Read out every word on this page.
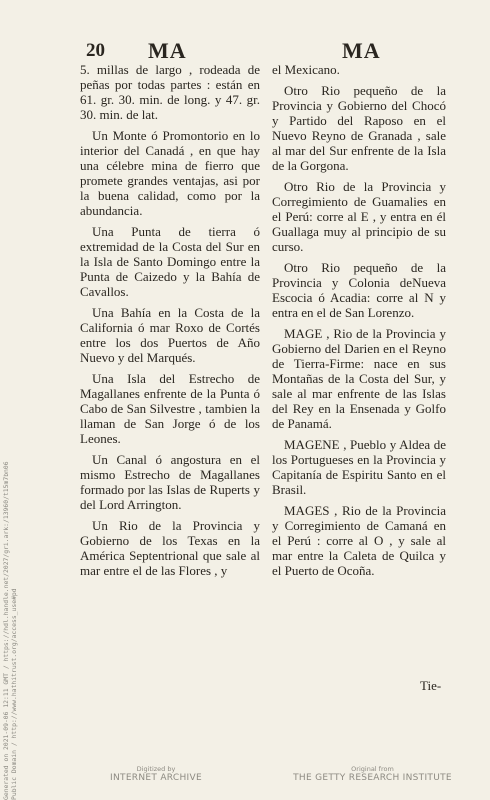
Generated on 2021-09-06 12:11 GMT / https://hdl.handle.net/2027/gri.ark:/13960/t15m7bn06 Public Domain / http://www.hathitrust.org/access_use#pd
20 MA	MA

5. millas de largo , rodeada de peñas por todas partes : están en 61. gr. 30. min. de long. y 47. gr. 30. min. de lat.

Un Monte ó Promontorio en lo interior del Canadá , en que hay una célebre mina de fierro que promete grandes ventajas, asi por la buena calidad, como por la abundancia.

Una Punta de tierra ó extremidad de la Costa del Sur en la Isla de Santo Domingo entre la Punta de Caizedo y la Bahía de Cavallos.

Una Bahía en la Costa de la California ó mar Roxo de Cortés entre los dos Puertos de Año Nuevo y del Marqués.

Una Isla del Estrecho de Magallanes enfrente de la Punta ó Cabo de San Silvestre , tambien la llaman de San Jorge ó de los Leones.

Un Canal ó angostura en el mismo Estrecho de Magallanes formado por las Islas de Ruperts y del Lord Arrington.

Un Rio de la Provincia y Gobierno de los Texas en la América Septentrional que sale al mar entre el de las Flores , y

el Mexicano.

Otro Rio pequeño de la Provincia y Gobierno del Chocó y Partido del Raposo en el Nuevo Reyno de Granada , sale al mar del Sur enfrente de la Isla de la Gorgona.

Otro Rio de la Provincia y Corregimiento de Guamalies en el Perú: corre al E , y entra en él Guallaga muy al principio de su curso.

Otro Rio pequeño de la Provincia y Colonia deNueva Escocia ó Acadia: corre al N y entra en el de San Lorenzo.

MAGE , Rio de la Provincia y Gobierno del Darien en el Reyno de Tierra-Firme: nace en sus Montañas de la Costa del Sur, y sale al mar enfrente de las Islas del Rey en la Ensenada y Golfo de Panamá.

MAGENE , Pueblo y Aldea de los Portugueses en la Provincia y Capitanía de Espiritu Santo en el Brasil.

MAGES , Rio de la Provincia y Corregimiento de Camaná en el Perú : corre al O , y sale al mar entre la Caleta de Quilca y el Puerto de Ocoña.

Tie-
Digitized by
INTERNET ARCHIVE
Original from
THE GETTY RESEARCH INSTITUTE
